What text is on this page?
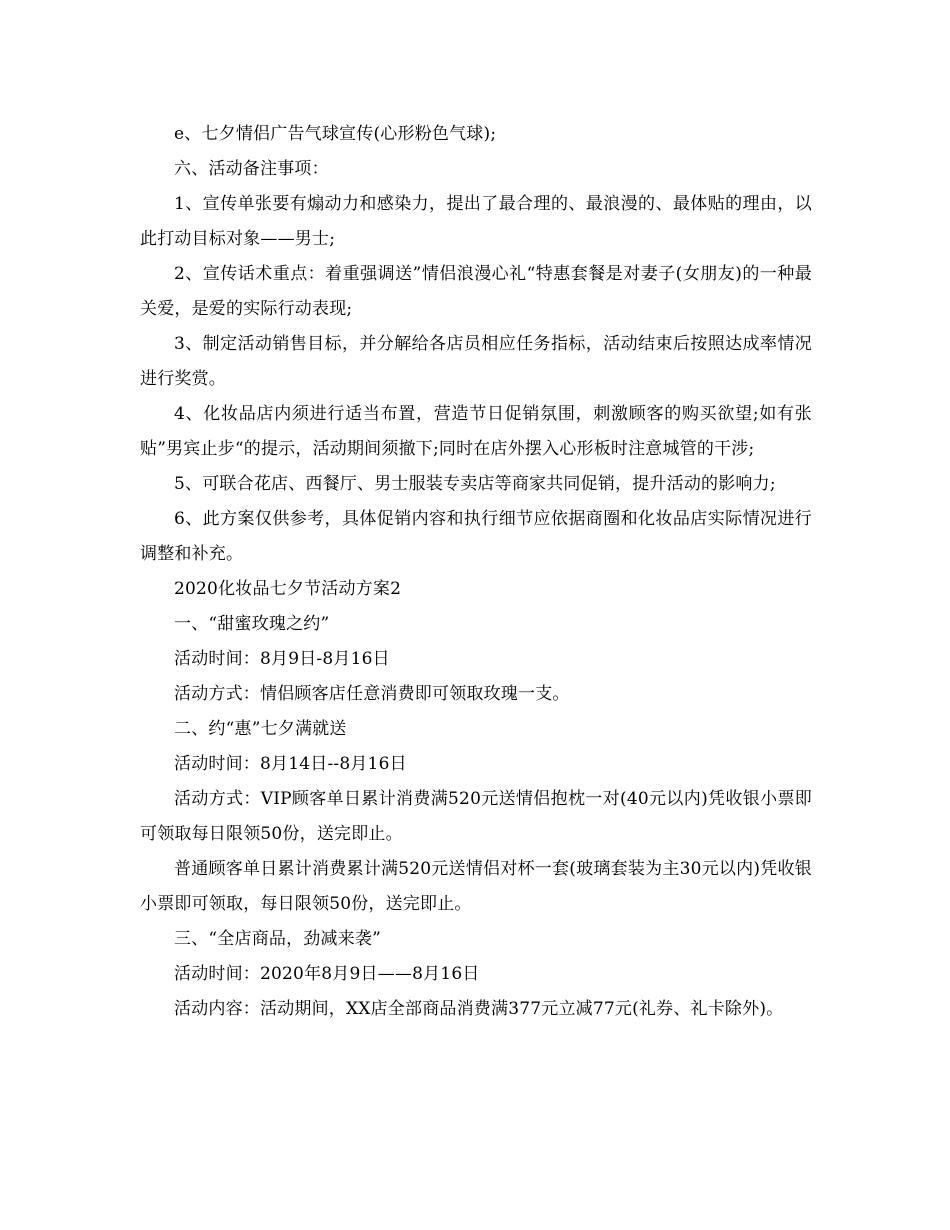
e、七夕情侣广告气球宣传(心形粉色气球);

六、活动备注事项：

1、宣传单张要有煽动力和感染力，提出了最合理的、最浪漫的、最体贴的理由，以此打动目标对象——男士;

2、宣传话术重点：着重强调送”情侣浪漫心礼“特惠套餐是对妻子(女朋友)的一种最关爱，是爱的实际行动表现;

3、制定活动销售目标，并分解给各店员相应任务指标，活动结束后按照达成率情况进行奖赏。

4、化妆品店内须进行适当布置，营造节日促销氛围，刺激顾客的购买欲望;如有张贴”男宾止步“的提示，活动期间须撤下;同时在店外摆入心形板时注意城管的干涉;

5、可联合花店、西餐厅、男士服装专卖店等商家共同促销，提升活动的影响力;

6、此方案仅供参考，具体促销内容和执行细节应依据商圈和化妆品店实际情况进行调整和补充。

2020化妆品七夕节活动方案2

一、“甜蜜玫瑰之约”

活动时间：8月9日-8月16日

活动方式：情侣顾客店任意消费即可领取玫瑰一支。

二、约“惠”七夕满就送

活动时间：8月14日--8月16日

活动方式：VIP顾客单日累计消费满520元送情侣抱枕一对(40元以内)凭收银小票即可领取每日限领50份，送完即止。

普通顾客单日累计消费累计满520元送情侣对杯一套(玻璃套装为主30元以内)凭收银小票即可领取，每日限领50份，送完即止。

三、“全店商品，劲减来袭”

活动时间：2020年8月9日——8月16日

活动内容：活动期间，XX店全部商品消费满377元立减77元(礼券、礼卡除外)。
